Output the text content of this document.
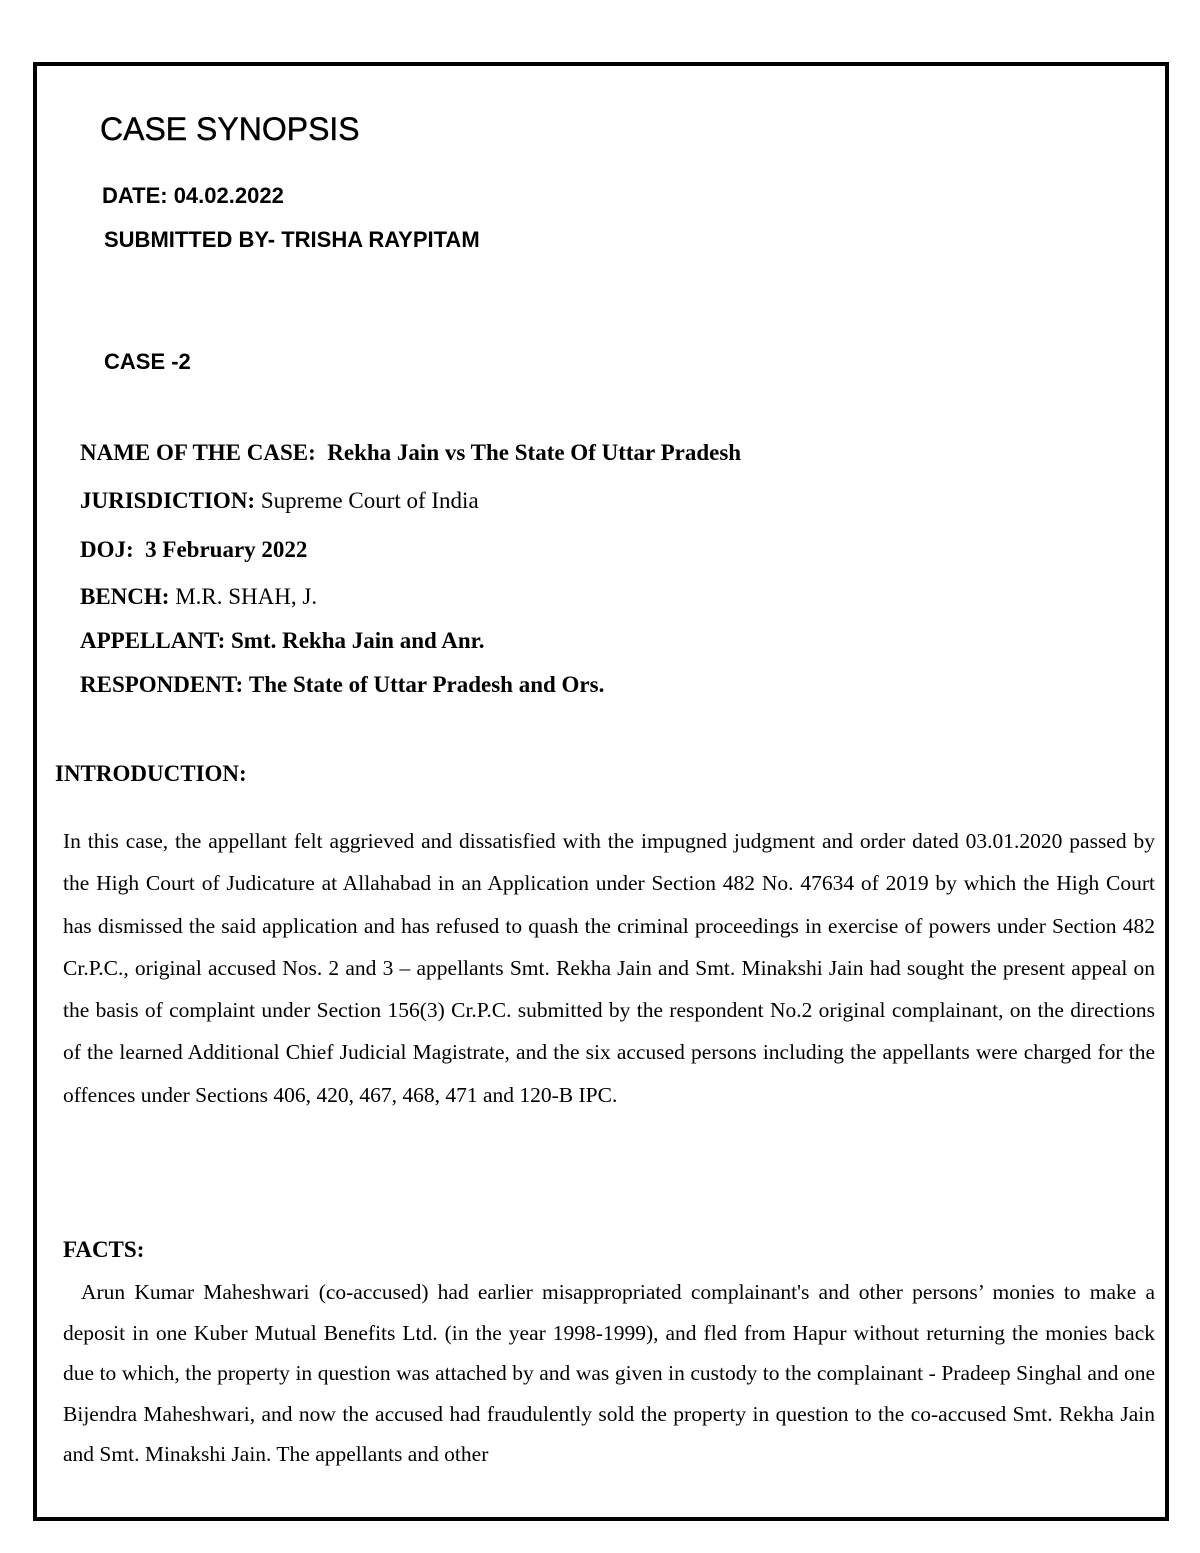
CASE SYNOPSIS
DATE: 04.02.2022
SUBMITTED BY- TRISHA RAYPITAM
CASE -2
NAME OF THE CASE: Rekha Jain vs The State Of Uttar Pradesh
JURISDICTION: Supreme Court of India
DOJ: 3 February 2022
BENCH: M.R. SHAH, J.
APPELLANT: Smt. Rekha Jain and Anr.
RESPONDENT: The State of Uttar Pradesh and Ors.
INTRODUCTION:

In this case, the appellant felt aggrieved and dissatisfied with the impugned judgment and order dated 03.01.2020 passed by the High Court of Judicature at Allahabad in an Application under Section 482 No. 47634 of 2019 by which the High Court has dismissed the said application and has refused to quash the criminal proceedings in exercise of powers under Section 482 Cr.P.C., original accused Nos. 2 and 3 – appellants Smt. Rekha Jain and Smt. Minakshi Jain had sought the present appeal on the basis of complaint under Section 156(3) Cr.P.C. submitted by the respondent No.2 original complainant, on the directions of the learned Additional Chief Judicial Magistrate, and the six accused persons including the appellants were charged for the offences under Sections 406, 420, 467, 468, 471 and 120-B IPC.

FACTS:

Arun Kumar Maheshwari (co-accused) had earlier misappropriated complainant's and other persons’ monies to make a deposit in one Kuber Mutual Benefits Ltd. (in the year 1998-1999), and fled from Hapur without returning the monies back due to which, the property in question was attached by and was given in custody to the complainant - Pradeep Singhal and one Bijendra Maheshwari, and now the accused had fraudulently sold the property in question to the co-accused Smt. Rekha Jain and Smt. Minakshi Jain. The appellants and other
